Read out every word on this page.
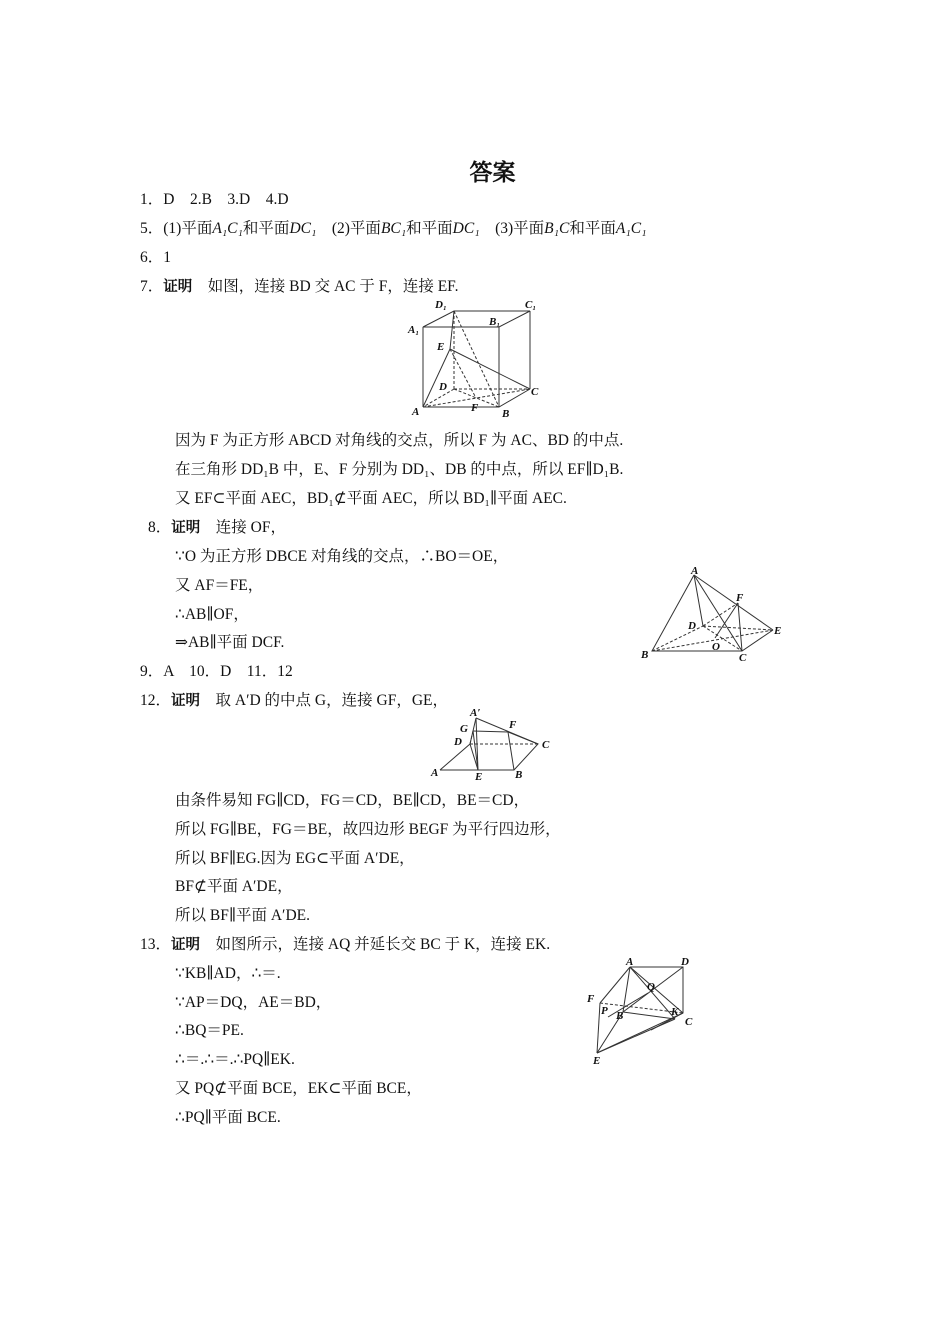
答案
1．D　2.B　3.D　4.D
5．(1)平面A₁C₁和平面DC₁　(2)平面BC₁和平面DC₁　(3)平面B₁C和平面A₁C₁
6．1
7．证明　 如图，连接 BD 交 AC 于 F，连接 EF.
D₁	C₁
A₁
B₁
E
D	C
A	F B
因为 F 为正方形 ABCD 对角线的交点，所以 F 为 AC、BD 的中点.
在三角形 DD₁B 中，E、F 分别为 DD₁、DB 的中点，所以 EF∥D₁B.
又 EF⊂平面 AEC，BD₁⊄平面 AEC，所以 BD₁∥平面 AEC.
8．证明　 连接 OF，
∵O 为正方形 DBCE 对角线的交点，∴BO＝OE，
又 AF＝FE，
∴AB∥OF，
⇒AB∥平面 DCF.
A
F
D	E
O
B	C
9．A　10．D　11．12
12．证明　 取 A′D 的中点 G，连接 GF，GE，
A′
G	F
D	C
A	E	B
由条件易知 FG∥CD，FG＝CD，BE∥CD，BE＝CD，
所以 FG∥BE，FG＝BE，故四边形 BEGF 为平行四边形，
所以 BF∥EG.因为 EG⊂平面 A′DE，
BF⊄平面 A′DE，
所以 BF∥平面 A′DE.
13．证明　 如图所示，连接 AQ 并延长交 BC 于 K，连接 EK.
∵KB∥AD，∴＝.
∵AP＝DQ，AE＝BD，
∴BQ＝PE.
∴＝.∴＝.∴PQ∥EK.
又 PQ⊄平面 BCE，EK⊂平面 BCE，
∴PQ∥平面 BCE.
A	D
F
Q
P B	K
C
E
